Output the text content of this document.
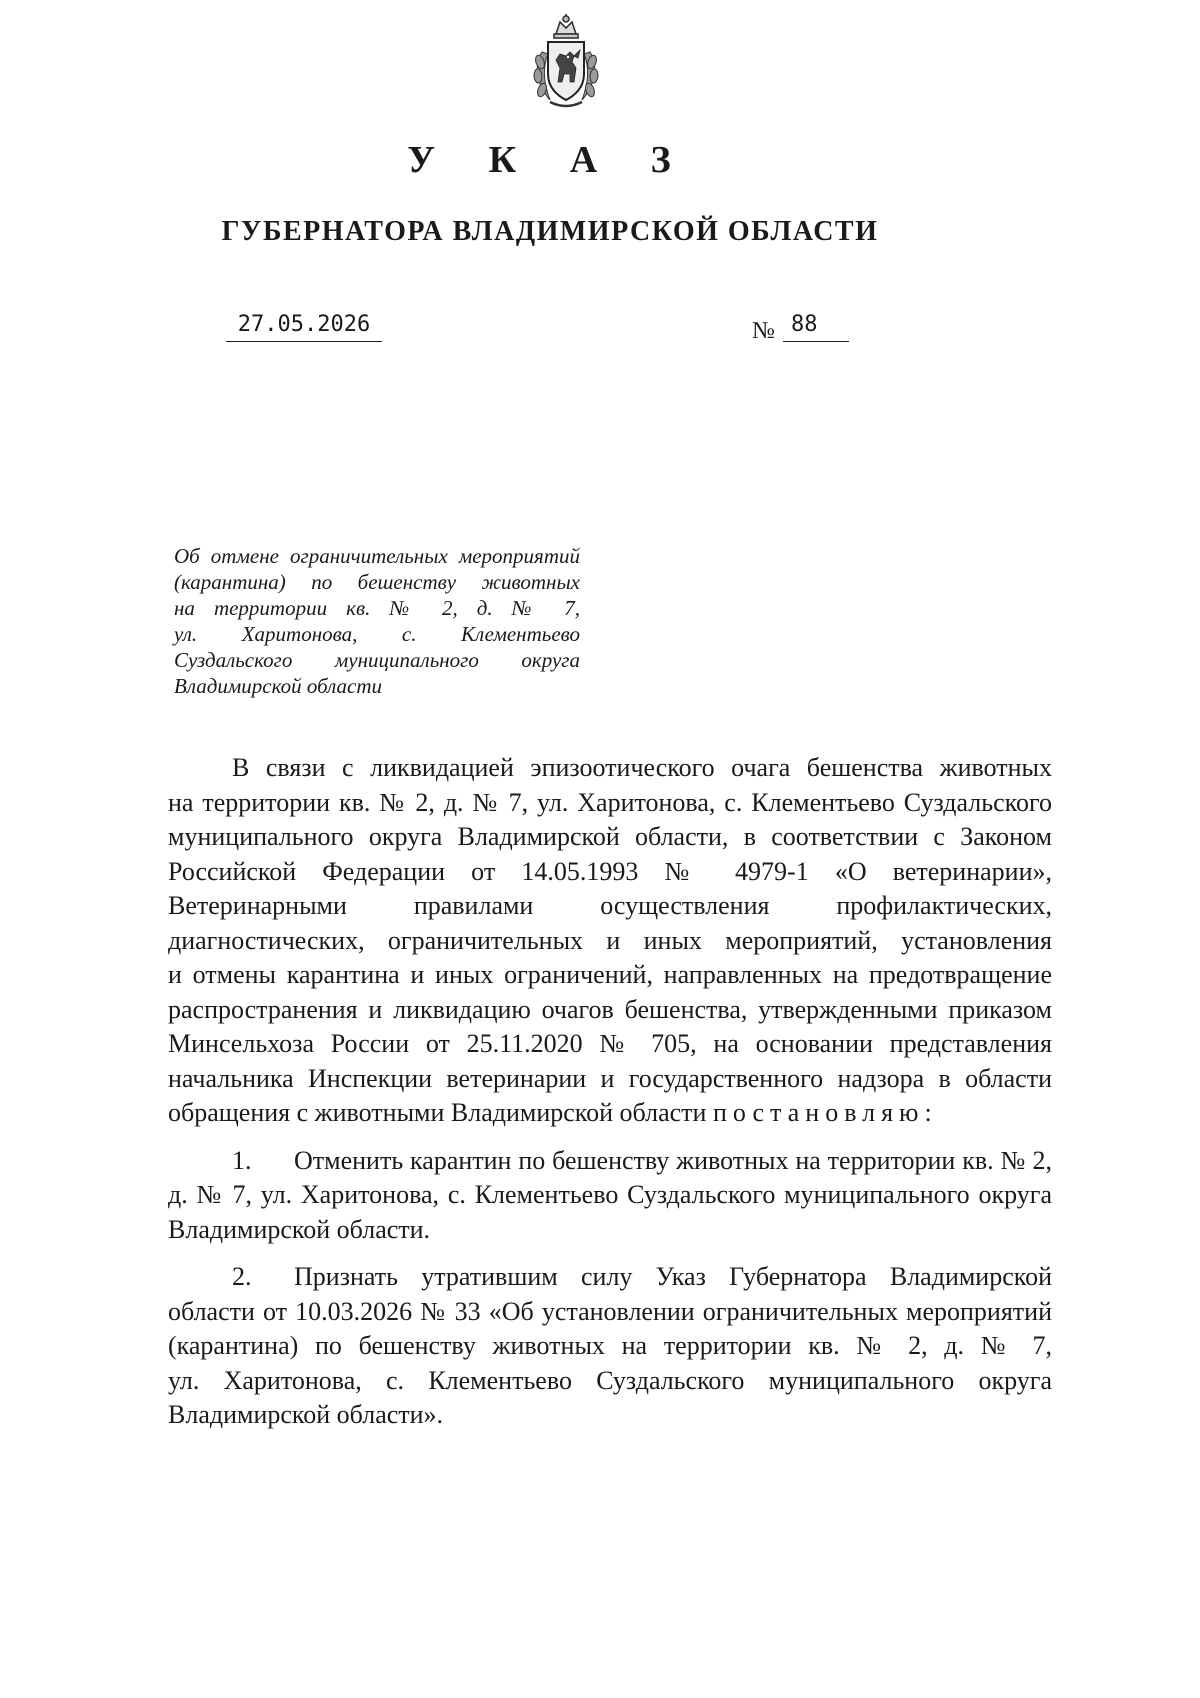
У К А З
ГУБЕРНАТОРА ВЛАДИМИРСКОЙ ОБЛАСТИ
27.05.2026	№ 88
Об отмене ограничительных мероприятий
(карантина) по бешенству животных
на территории кв. № 2, д. № 7,
ул. Харитонова, с. Клементьево
Суздальского муниципального округа
Владимирской области
В связи с ликвидацией эпизоотического очага бешенства животных
на территории кв. № 2, д. № 7, ул. Харитонова, с. Клементьево Суздальского
муниципального округа Владимирской области, в соответствии с Законом
Российской Федерации от 14.05.1993 № 4979-1 «О ветеринарии»,
Ветеринарными правилами осуществления профилактических,
диагностических, ограничительных и иных мероприятий, установления
и отмены карантина и иных ограничений, направленных на предотвращение
распространения и ликвидацию очагов бешенства, утвержденными приказом
Минсельхоза России от 25.11.2020 № 705, на основании представления
начальника Инспекции ветеринарии и государственного надзора в области
обращения с животными Владимирской области постановляю:
1. Отменить карантин по бешенству животных на территории кв. № 2,
д. № 7, ул. Харитонова, с. Клементьево Суздальского муниципального округа
Владимирской области.
2. Признать утратившим силу Указ Губернатора Владимирской
области от 10.03.2026 № 33 «Об установлении ограничительных мероприятий
(карантина) по бешенству животных на территории кв. № 2, д. № 7,
ул. Харитонова, с. Клементьево Суздальского муниципального округа
Владимирской области».
